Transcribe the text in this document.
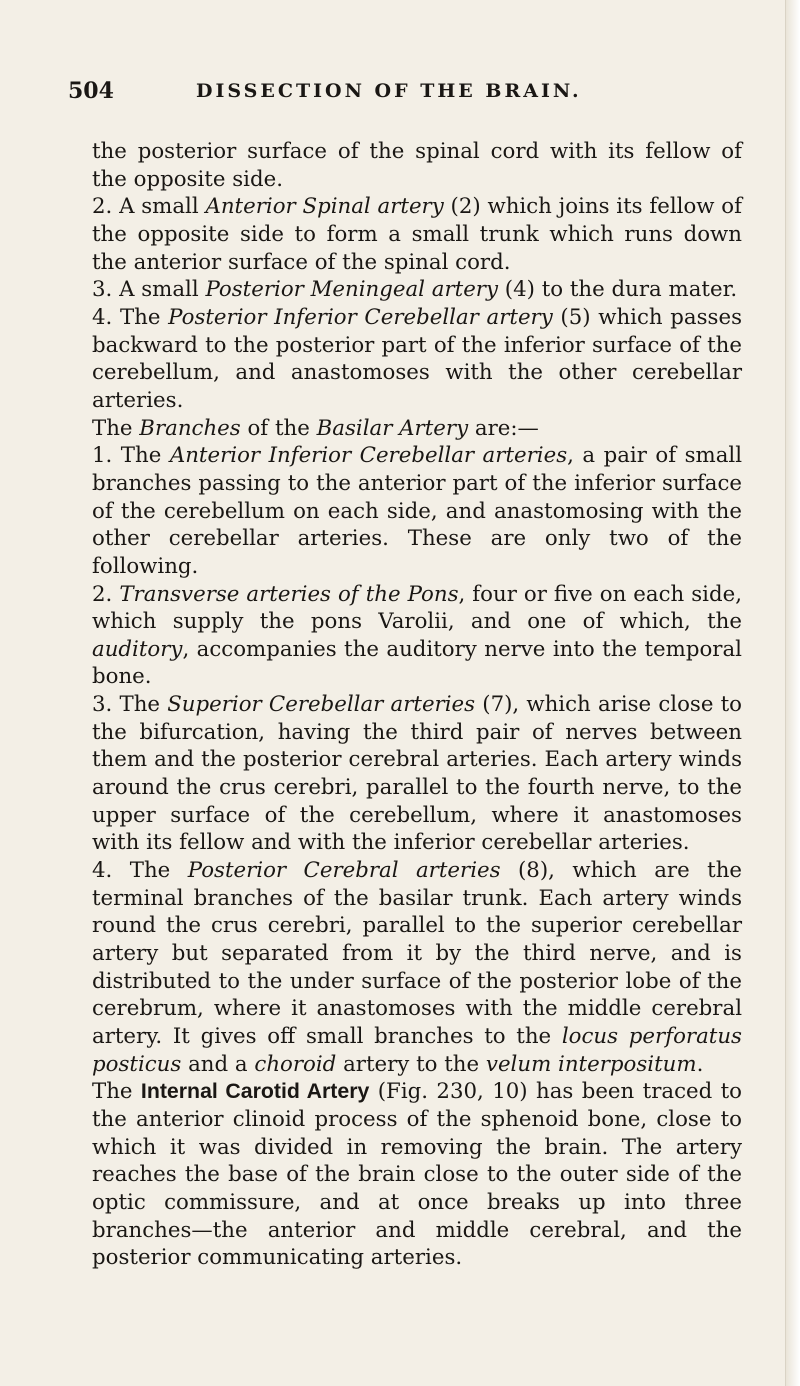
504	DISSECTION OF THE BRAIN.

the posterior surface of the spinal cord with its fellow of the opposite side.

2. A small Anterior Spinal artery (2) which joins its fellow of the opposite side to form a small trunk which runs down the anterior surface of the spinal cord.

3. A small Posterior Meningeal artery (4) to the dura mater.

4. The Posterior Inferior Cerebellar artery (5) which passes backward to the posterior part of the inferior surface of the cerebellum, and anastomoses with the other cerebellar arteries.

The Branches of the Basilar Artery are:—

1. The Anterior Inferior Cerebellar arteries, a pair of small branches passing to the anterior part of the inferior surface of the cerebellum on each side, and anastomosing with the other cerebellar arteries. These are only two of the following.

2. Transverse arteries of the Pons, four or five on each side, which supply the pons Varolii, and one of which, the auditory, accompanies the auditory nerve into the temporal bone.

3. The Superior Cerebellar arteries (7), which arise close to the bifurcation, having the third pair of nerves between them and the posterior cerebral arteries. Each artery winds around the crus cerebri, parallel to the fourth nerve, to the upper surface of the cerebellum, where it anastomoses with its fellow and with the inferior cerebellar arteries.

4. The Posterior Cerebral arteries (8), which are the terminal branches of the basilar trunk. Each artery winds round the crus cerebri, parallel to the superior cerebellar artery but separated from it by the third nerve, and is distributed to the under surface of the posterior lobe of the cerebrum, where it anastomoses with the middle cerebral artery. It gives off small branches to the locus perforatus posticus and a choroid artery to the velum interpositum.

The Internal Carotid Artery (Fig. 230, 10) has been traced to the anterior clinoid process of the sphenoid bone, close to which it was divided in removing the brain. The artery reaches the base of the brain close to the outer side of the optic commissure, and at once breaks up into three branches—the anterior and middle cerebral, and the posterior communicating arteries.
